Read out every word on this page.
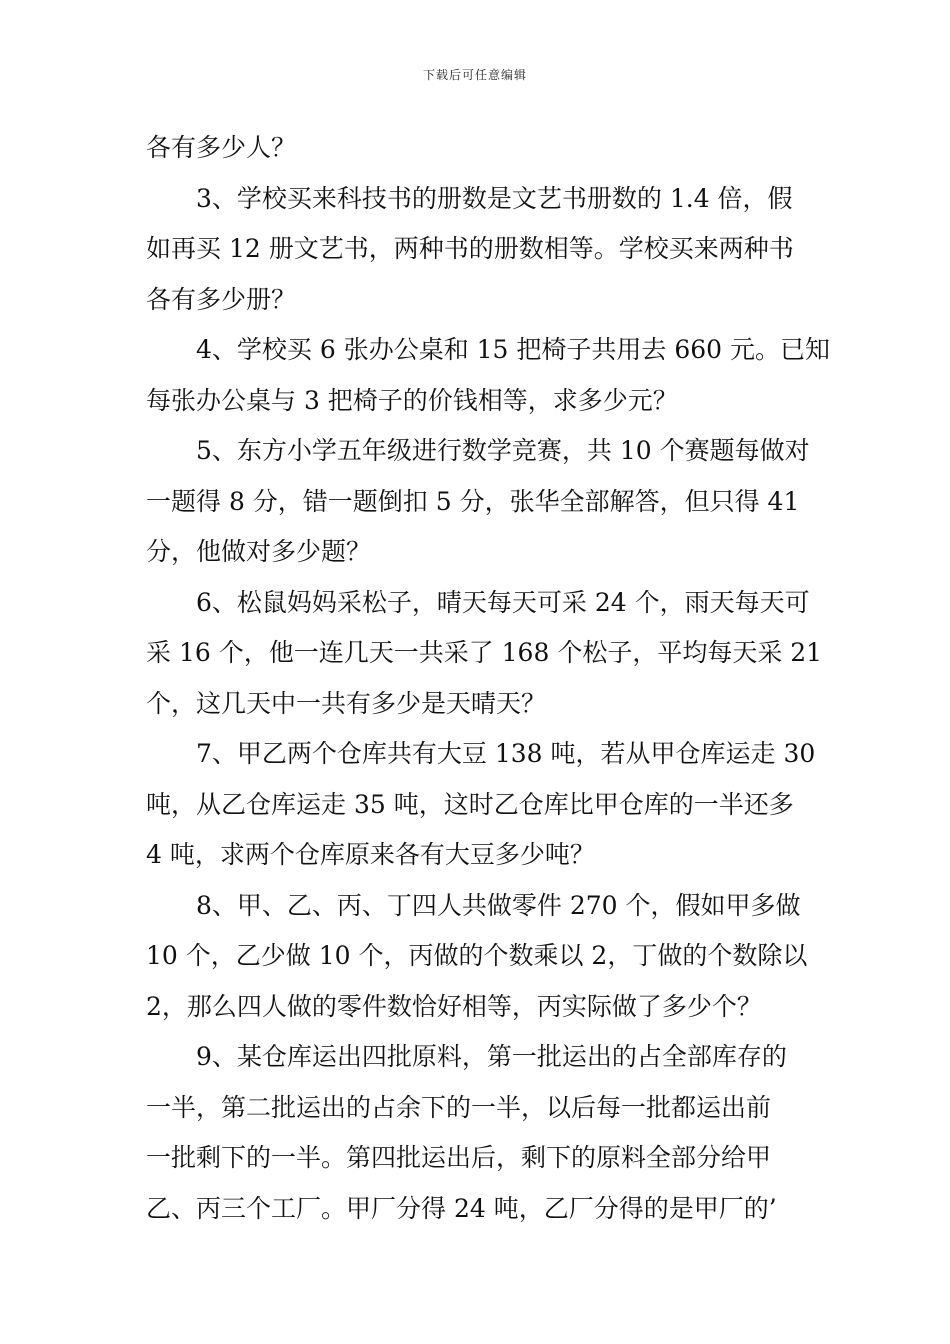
下载后可任意编辑
各有多少人？
3、学校买来科技书的册数是文艺书册数的 1.4 倍，假
如再买 12 册文艺书，两种书的册数相等。学校买来两种书
各有多少册？
4、学校买 6 张办公桌和 15 把椅子共用去 660 元。已知
每张办公桌与 3 把椅子的价钱相等，求多少元？
5、东方小学五年级进行数学竞赛，共 10 个赛题每做对
一题得 8 分，错一题倒扣 5 分，张华全部解答，但只得 41
分，他做对多少题？
6、松鼠妈妈采松子，晴天每天可采 24 个，雨天每天可
采 16 个，他一连几天一共采了 168 个松子，平均每天采 21
个，这几天中一共有多少是天晴天？
7、甲乙两个仓库共有大豆 138 吨，若从甲仓库运走 30
吨，从乙仓库运走 35 吨，这时乙仓库比甲仓库的一半还多
4 吨，求两个仓库原来各有大豆多少吨？
8、甲、乙、丙、丁四人共做零件 270 个，假如甲多做
10 个，乙少做 10 个，丙做的个数乘以 2，丁做的个数除以
2，那么四人做的零件数恰好相等，丙实际做了多少个？
9、某仓库运出四批原料，第一批运出的占全部库存的
一半，第二批运出的占余下的一半，以后每一批都运出前
一批剩下的一半。第四批运出后，剩下的原料全部分给甲
乙、丙三个工厂。甲厂分得 24 吨，乙厂分得的是甲厂的’
